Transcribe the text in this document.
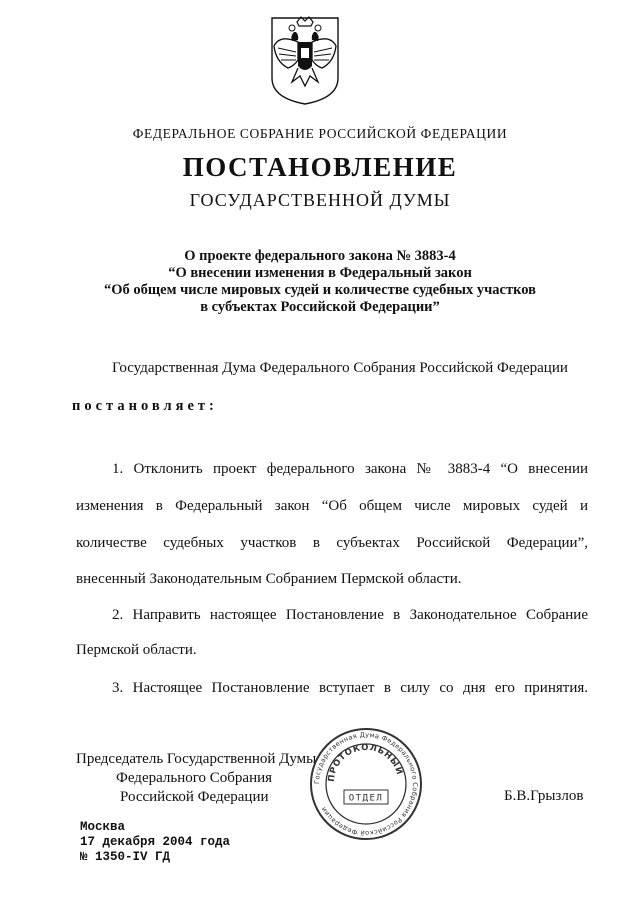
ФЕДЕРАЛЬНОЕ СОБРАНИЕ РОССИЙСКОЙ ФЕДЕРАЦИИ
ПОСТАНОВЛЕНИЕ
ГОСУДАРСТВЕННОЙ ДУМЫ
О проекте федерального закона № 3883-4
“О внесении изменения в Федеральный закон
“Об общем числе мировых судей и количестве судебных участков
в субъектах Российской Федерации”
Государственная Дума Федерального Собрания Российской Федерации
постановляет:
1. Отклонить проект федерального закона № 3883-4 “О внесении
изменения в Федеральный закон “Об общем числе мировых судей и
количестве судебных участков в субъектах Российской Федерации”,
внесенный Законодательным Собранием Пермской области.
2. Направить настоящее Постановление в Законодательное Собрание
Пермской области.
3. Настоящее Постановление вступает в силу со дня его принятия.
Председатель Государственной Думы
Федерального Собрания
Российской Федерации	Б.В.Грызлов
Государственная Дума Федерального Собрания Российской Федерации
ПРОТОКОЛЬНЫЙ
ОТДЕЛ
Москва
17 декабря 2004 года
№ 1350-IV ГД
